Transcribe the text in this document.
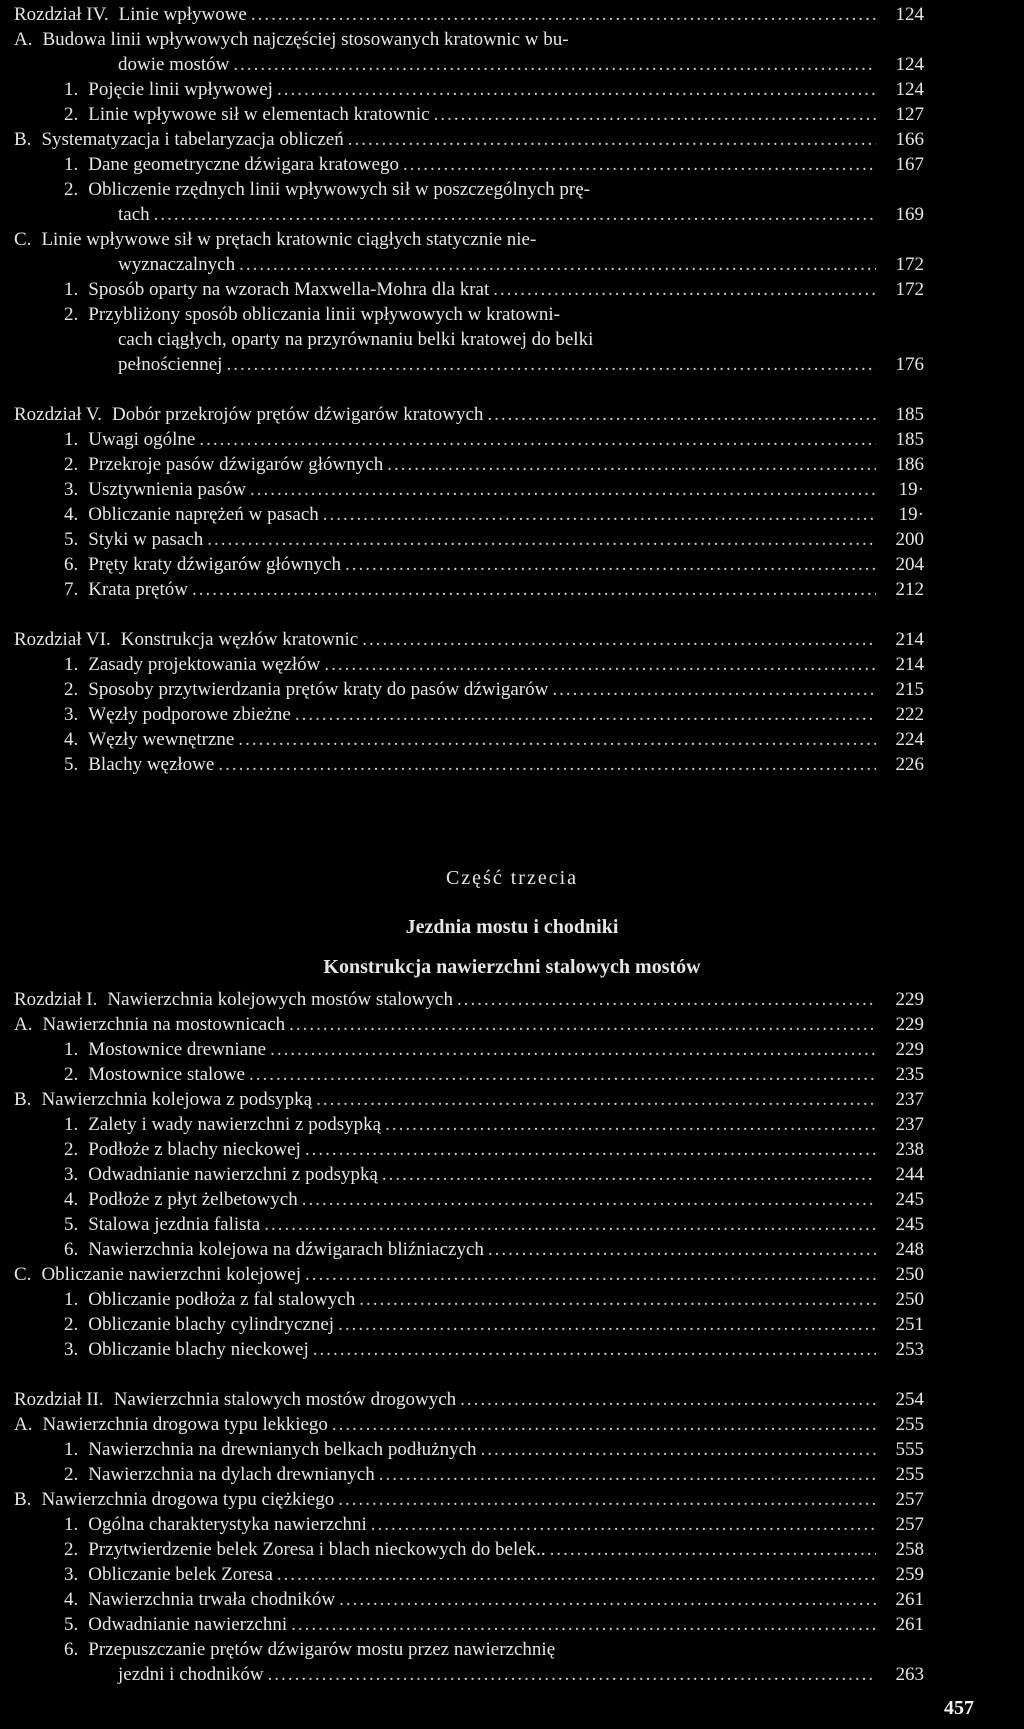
Rozdział IV. Linie wpływowe .....	124
A. Budowa linii wpływowych najczęściej stosowanych kratownic w bu-
dowie mostów .....	124
1. Pojęcie linii wpływowej .....	124
2. Linie wpływowe sił w elementach kratownic .....	127
B. Systematyzacja i tabelaryzacja obliczeń .....	166
1. Dane geometryczne dźwigara kratowego .....	167
2. Obliczenie rzędnych linii wpływowych sił w poszczególnych prę-
tach .....	169
C. Linie wpływowe sił w prętach kratownic ciągłych statycznie nie-
wyznaczalnych .....	172
1. Sposób oparty na wzorach Maxwella-Mohra dla krat .....	172
2. Przybliżony sposób obliczania linii wpływowych w kratowni-
cach ciągłych, oparty na przyrównaniu belki kratowej do belki
pełnościennej .....	176
Rozdział V. Dobór przekrojów prętów dźwigarów kratowych .....	185
1. Uwagi ogólne .....	185
2. Przekroje pasów dźwigarów głównych .....	186
3. Usztywnienia pasów .....	19·
4. Obliczanie naprężeń w pasach .....	19·
5. Styki w pasach .....	200
6. Pręty kraty dźwigarów głównych .....	204
7. Krata prętów .....	212
Rozdział VI. Konstrukcja węzłów kratownic .....	214
1. Zasady projektowania węzłów .....	214
2. Sposoby przytwierdzania prętów kraty do pasów dźwigarów .....	215
3. Węzły podporowe zbieżne .....	222
4. Węzły wewnętrzne .....	224
5. Blachy węzłowe .....	226
Część trzecia
Jezdnia mostu i chodniki
Konstrukcja nawierzchni stalowych mostów
Rozdział I. Nawierzchnia kolejowych mostów stalowych .....	229
A. Nawierzchnia na mostownicach .....	229
1. Mostownice drewniane .....	229
2. Mostownice stalowe .....	235
B. Nawierzchnia kolejowa z podsypką .....	237
1. Zalety i wady nawierzchni z podsypką .....	237
2. Podłoże z blachy nieckowej .....	238
3. Odwadnianie nawierzchni z podsypką .....	244
4. Podłoże z płyt żelbetowych .....	245
5. Stalowa jezdnia falista .....	245
6. Nawierzchnia kolejowa na dźwigarach bliźniaczych .....	248
C. Obliczanie nawierzchni kolejowej .....	250
1. Obliczanie podłoża z fal stalowych .....	250
2. Obliczanie blachy cylindrycznej .....	251
3. Obliczanie blachy nieckowej .....	253
Rozdział II. Nawierzchnia stalowych mostów drogowych .....	254
A. Nawierzchnia drogowa typu lekkiego .....	255
1. Nawierzchnia na drewnianych belkach podłużnych .....	555
2. Nawierzchnia na dylach drewnianych .....	255
B. Nawierzchnia drogowa typu ciężkiego .....	257
1. Ogólna charakterystyka nawierzchni .....	257
2. Przytwierdzenie belek Zoresa i blach nieckowych do belek.. .....	258
3. Obliczanie belek Zoresa .....	259
4. Nawierzchnia trwała chodników .....	261
5. Odwadnianie nawierzchni .....	261
6. Przepuszczanie prętów dźwigarów mostu przez nawierzchnię
jezdni i chodników .....	263
457
